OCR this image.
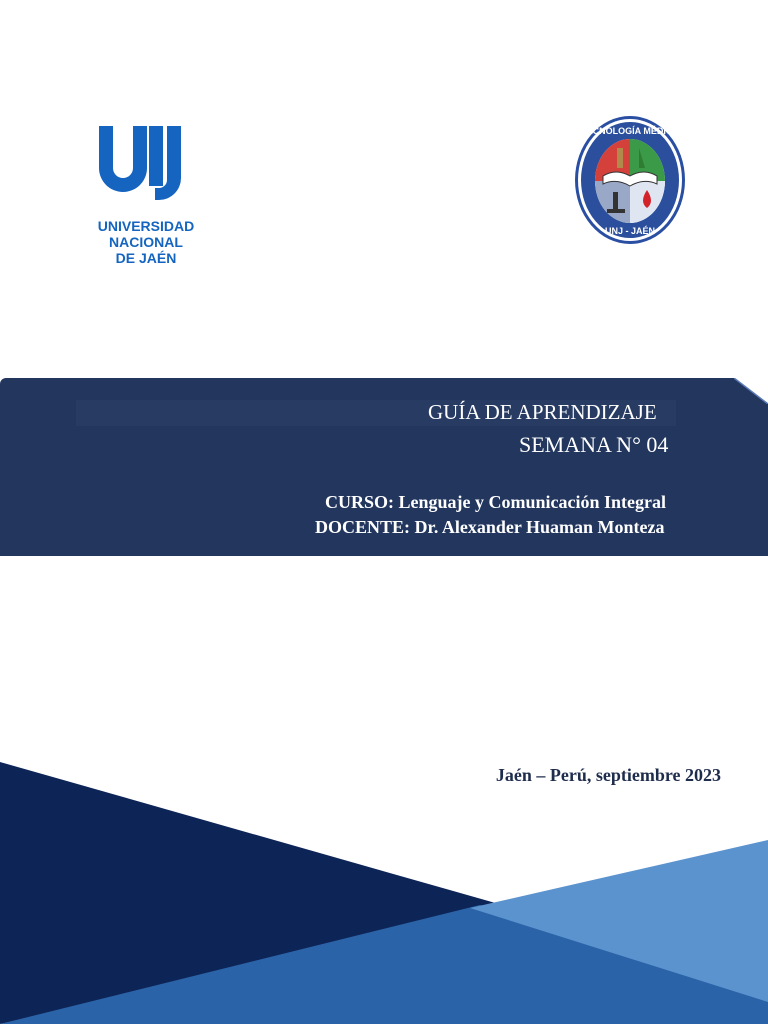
UNIVERSIDAD NACIONAL
DE JAÉN
TECNOLOGÍA MÉDICA
UNJ - JAÉN
GUÍA DE APRENDIZAJE
SEMANA N° 04
CURSO: Lenguaje y Comunicación Integral
DOCENTE: Dr. Alexander Huaman Monteza
Jaén – Perú, septiembre 2023
